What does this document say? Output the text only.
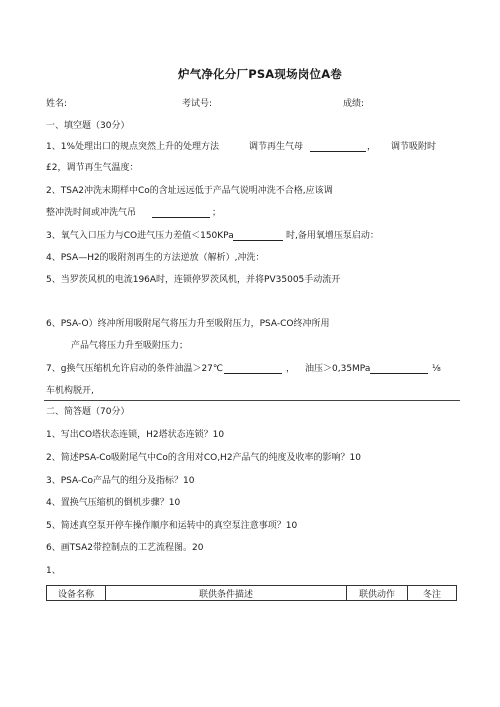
炉气净化分厂PSA现场岗位A卷
姓名:	考试号:	成绩:
一、填空题（30分）
1、1%处理出口的规点突然上升的处理方法	调节再生气母	， 调节吸附时
£2，调节再生气温度：
2、TSA2冲洗末期样中Co的含址远远低于产品气说明冲洗不合格,应该调
整冲洗时间或冲洗气吊	；
3、氧气入口压力与CO进气压力差值＜150KPa	时,备用氧增压泵启动：
4、PSA—H2的吸附剂再生的方法逆放（解析）,冲洗：
5、当罗茨风机的电流196A时，连锁停罗茨风机，并将PV35005手动流开
6、PSA-O）终冲所用吸附尾气将压力升至吸附压力，PSA-CO终冲所用
产品气将压力升至吸附压力；
7、g换气压缩机允许启动的条件油温＞27℃	， 油压＞0,35MPa	⅛
车机构脱开,
二、简答题（70分）
1、写出CO塔状态连锁，H2塔状态连锁？10
2、简述PSA-Co吸附尾气中Co的含用对CO,H2产品气的纯度及收率的影响？10
3、PSA-Co产品气的组分及指标？10
4、置换气压缩机的倒机步骤？10
5、简述真空泵开停车操作顺序和运转中的真空泵注意事项？10
6、画TSA2带控制点的工艺流程图。20
1、
设备名称	联供条件描述	联供动作	冬注
